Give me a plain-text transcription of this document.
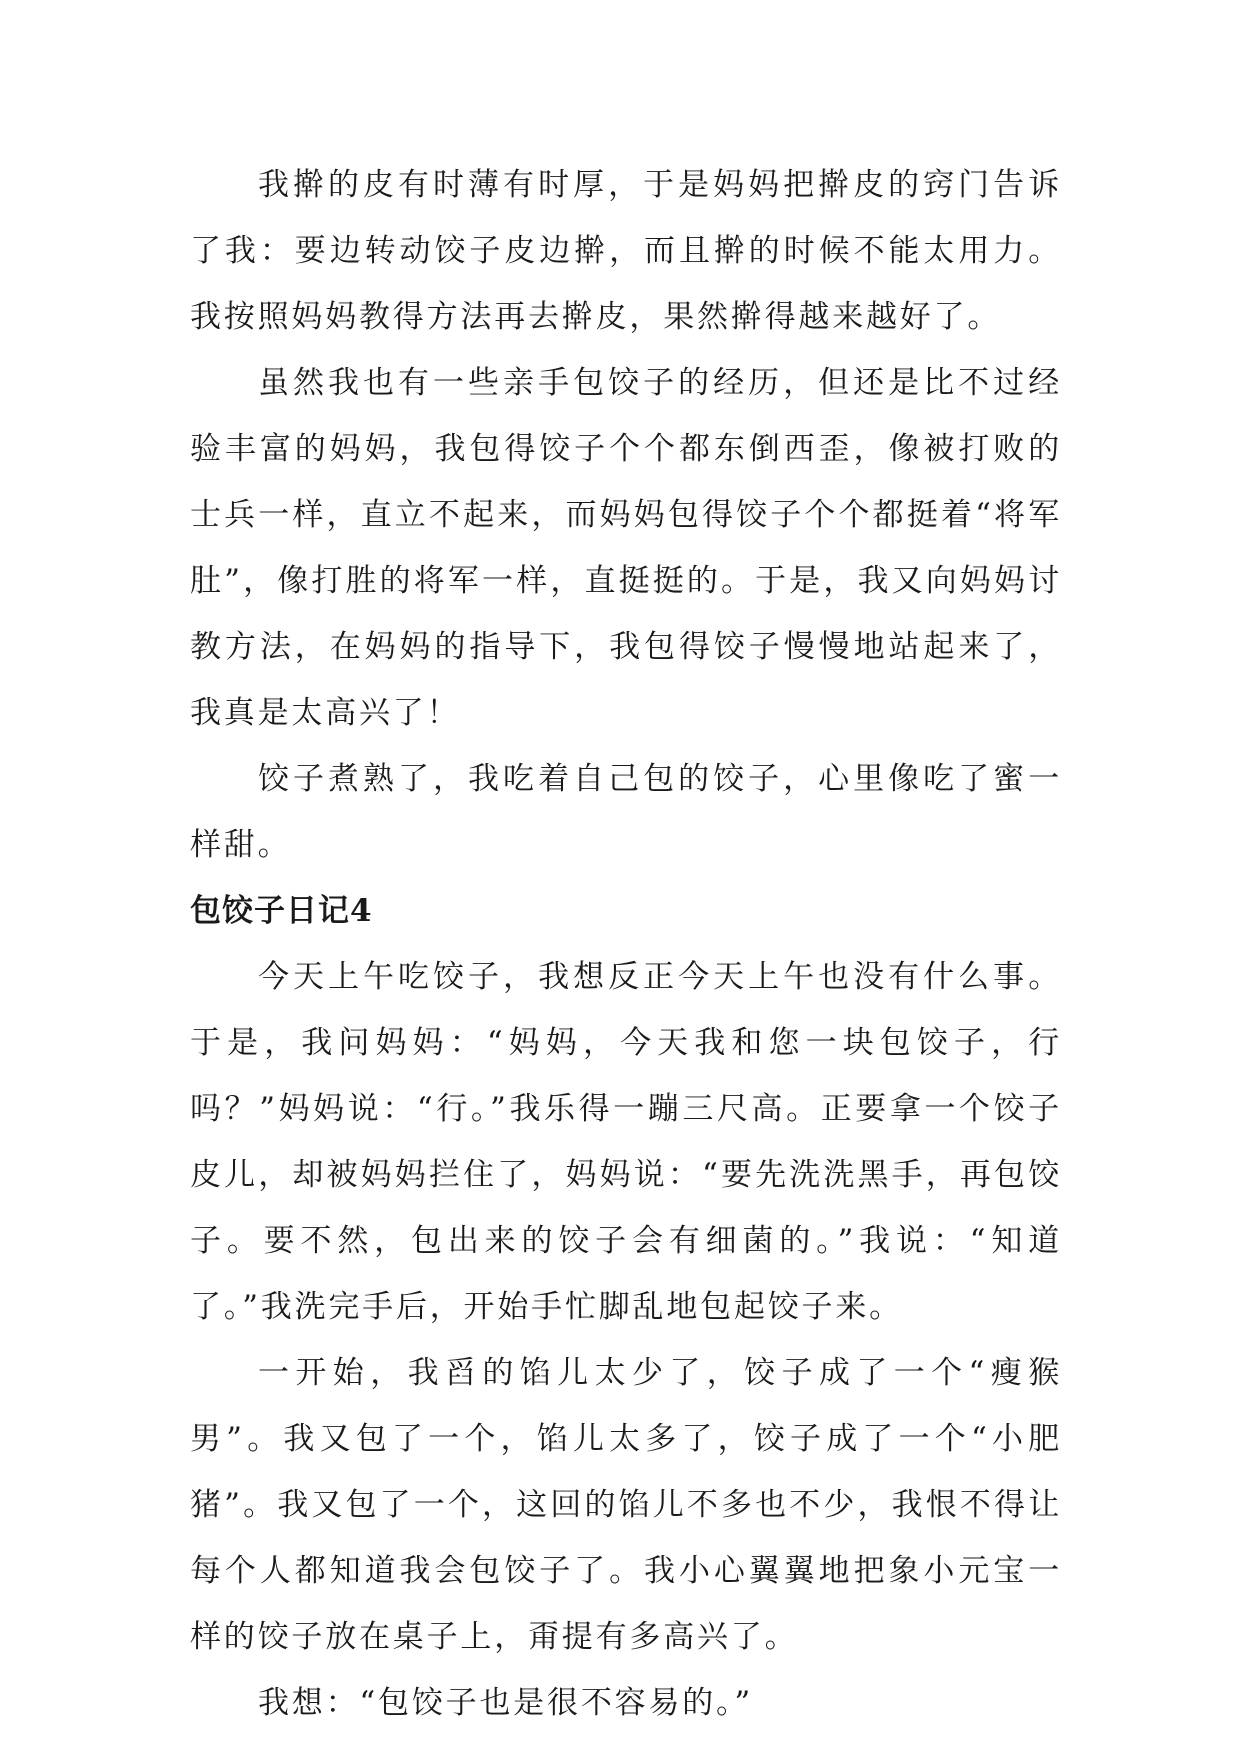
我擀的皮有时薄有时厚，于是妈妈把擀皮的窍门告诉了我：要边转动饺子皮边擀，而且擀的时候不能太用力。我按照妈妈教得方法再去擀皮，果然擀得越来越好了。

虽然我也有一些亲手包饺子的经历，但还是比不过经验丰富的妈妈，我包得饺子个个都东倒西歪，像被打败的士兵一样，直立不起来，而妈妈包得饺子个个都挺着“将军肚”，像打胜的将军一样，直挺挺的。于是，我又向妈妈讨教方法，在妈妈的指导下，我包得饺子慢慢地站起来了，我真是太高兴了！

饺子煮熟了，我吃着自己包的饺子，心里像吃了蜜一样甜。

包饺子日记4

今天上午吃饺子，我想反正今天上午也没有什么事。于是，我问妈妈：“妈妈，今天我和您一块包饺子，行吗？”妈妈说：“行。”我乐得一蹦三尺高。正要拿一个饺子皮儿，却被妈妈拦住了，妈妈说：“要先洗洗黑手，再包饺子。要不然，包出来的饺子会有细菌的。”我说：“知道了。”我洗完手后，开始手忙脚乱地包起饺子来。

一开始，我舀的馅儿太少了，饺子成了一个“瘦猴男”。我又包了一个，馅儿太多了，饺子成了一个“小肥猪”。我又包了一个，这回的馅儿不多也不少，我恨不得让每个人都知道我会包饺子了。我小心翼翼地把象小元宝一样的饺子放在桌子上，甭提有多高兴了。

我想：“包饺子也是很不容易的。”
